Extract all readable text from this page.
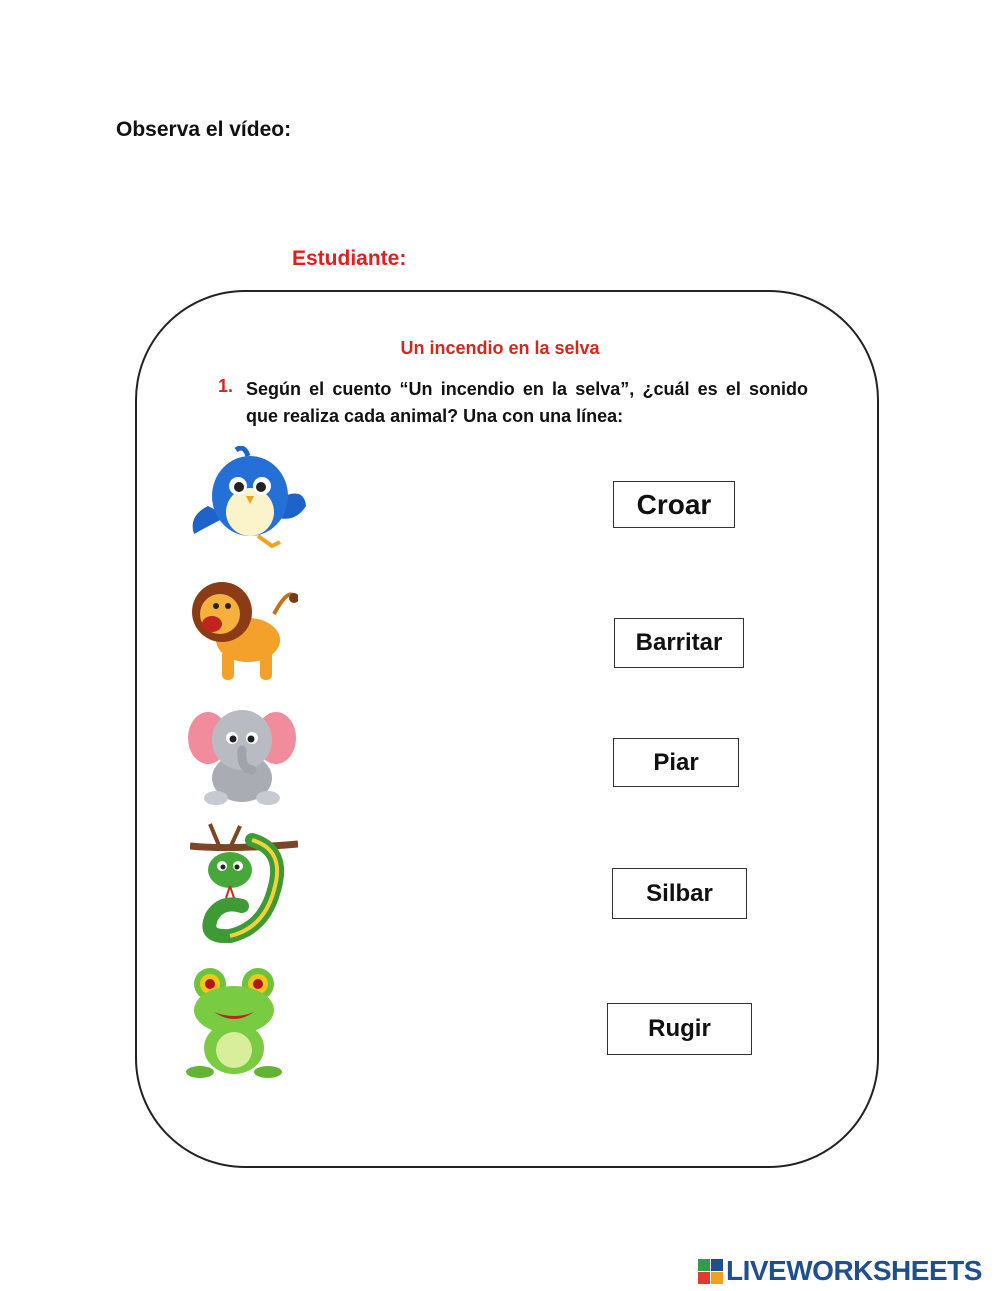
Observa el vídeo:
Estudiante:
Un incendio en la selva
1. Según el cuento “Un incendio en la selva”, ¿cuál es el sonido que realiza cada animal? Una con una línea:
Croar
Barritar
Piar
Silbar
Rugir
LIVEWORKSHEETS
